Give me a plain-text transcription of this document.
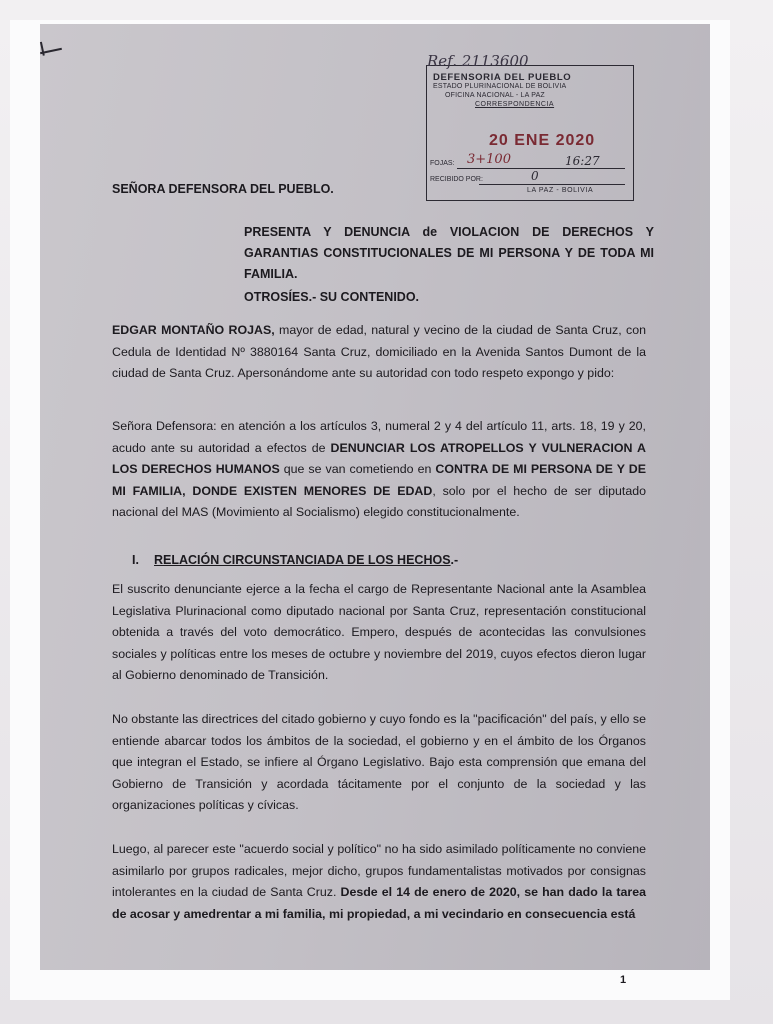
Ref. 2113600
DEFENSORIA DEL PUEBLO
ESTADO PLURINACIONAL DE BOLIVIA
OFICINA NACIONAL - LA PAZ
CORRESPONDENCIA
20 ENE 2020
FOJAS: 3+100	16:27
RECIBIDO POR:	0
LA PAZ - BOLIVIA
SEÑORA DEFENSORA DEL PUEBLO.
PRESENTA Y DENUNCIA de VIOLACION DE DERECHOS Y GARANTIAS CONSTITUCIONALES DE MI PERSONA Y DE TODA MI FAMILIA.
OTROSÍES.- SU CONTENIDO.
EDGAR MONTAÑO ROJAS, mayor de edad, natural y vecino de la ciudad de Santa Cruz, con Cedula de Identidad Nº 3880164 Santa Cruz, domiciliado en la Avenida Santos Dumont de la ciudad de Santa Cruz. Apersonándome ante su autoridad con todo respeto expongo y pido:
Señora Defensora: en atención a los artículos 3, numeral 2 y 4 del artículo 11, arts. 18, 19 y 20, acudo ante su autoridad a efectos de DENUNCIAR LOS ATROPELLOS Y VULNERACION A LOS DERECHOS HUMANOS que se van cometiendo en CONTRA DE MI PERSONA DE Y DE MI FAMILIA, DONDE EXISTEN MENORES DE EDAD, solo por el hecho de ser diputado nacional del MAS (Movimiento al Socialismo) elegido constitucionalmente.
I. RELACIÓN CIRCUNSTANCIADA DE LOS HECHOS.-
El suscrito denunciante ejerce a la fecha el cargo de Representante Nacional ante la Asamblea Legislativa Plurinacional como diputado nacional por Santa Cruz, representación constitucional obtenida a través del voto democrático. Empero, después de acontecidas las convulsiones sociales y políticas entre los meses de octubre y noviembre del 2019, cuyos efectos dieron lugar al Gobierno denominado de Transición.
No obstante las directrices del citado gobierno y cuyo fondo es la "pacificación" del país, y ello se entiende abarcar todos los ámbitos de la sociedad, el gobierno y en el ámbito de los Órganos que integran el Estado, se infiere al Órgano Legislativo. Bajo esta comprensión que emana del Gobierno de Transición y acordada tácitamente por el conjunto de la sociedad y las organizaciones políticas y cívicas.
Luego, al parecer este "acuerdo social y político" no ha sido asimilado políticamente no conviene asimilarlo por grupos radicales, mejor dicho, grupos fundamentalistas motivados por consignas intolerantes en la ciudad de Santa Cruz. Desde el 14 de enero de 2020, se han dado la tarea de acosar y amedrentar a mi familia, mi propiedad, a mi vecindario en consecuencia está
1
